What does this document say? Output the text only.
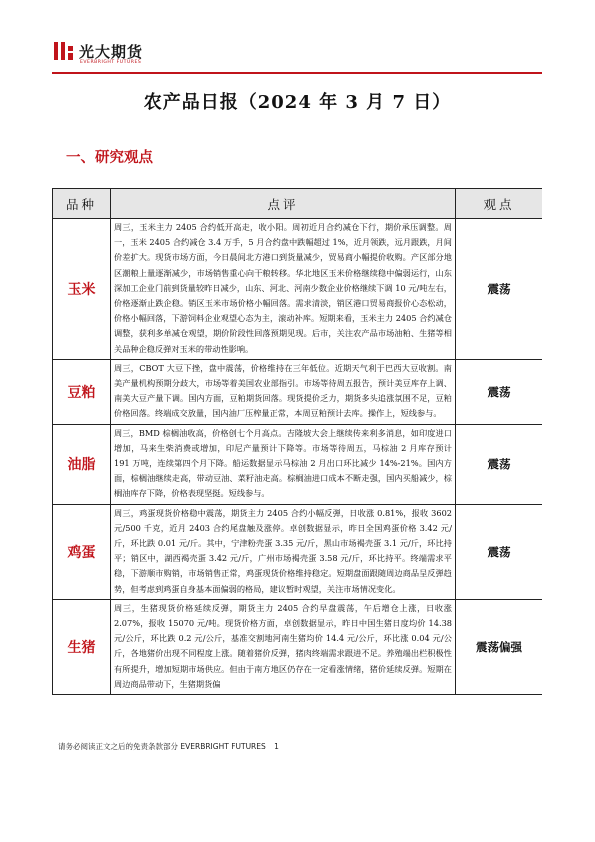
光大期货
EVERBRIGHT FUTURES
农产品日报（2024 年 3 月 7 日）
一、研究观点
品种	点评	观点
玉米	周三，玉米主力 2405 合约低开高走，收小阳。周初近月合约减仓下行，期价承压调整。周一，玉米 2405 合约减仓 3.4 万手，5 月合约盘中跌幅超过 1%，近月领跌，远月跟跌，月间价差扩大。现货市场方面，今日晨间北方港口到货量减少，贸易商小幅提价收购。产区部分地区潮粮上量逐渐减少，市场销售重心向干粮转移。华北地区玉米价格继续稳中偏弱运行，山东深加工企业门前到货量较昨日减少，山东、河北、河南少数企业价格继续下调 10 元/吨左右，价格逐渐止跌企稳。销区玉米市场价格小幅回落。需求清淡，销区港口贸易商报价心态松动，价格小幅回落，下游饲料企业观望心态为主，滚动补库。短期来看，玉米主力 2405 合约减仓调整，获利多单减仓观望，期价阶段性回落预期见现。后市，关注农产品市场油粕、生猪等相关品种企稳反弹对玉米的带动性影响。	震荡
豆粕	周三，CBOT 大豆下挫，盘中震荡，价格维持在三年低位。近期天气利于巴西大豆收割。南美产量机构预期分歧大，市场等着美国农业部指引。市场等待周五报告，预计美豆库存上调、南美大豆产量下调。国内方面，豆粕期货回落。现货提价乏力，期货多头追涨氛围不足，豆粕价格回落。终端成交放量，国内油厂压榨量正常，本周豆粕预计去库。操作上，短线参与。	震荡
油脂	周三，BMD 棕榈油收高，价格创七个月高点。吉隆坡大会上继续传来利多消息，如印度进口增加，马来生柴消费或增加，印尼产量预计下降等。市场等待周五，马棕油 2 月库存预计 191 万吨，连续第四个月下降。船运数据显示马棕油 2 月出口环比减少 14%-21%。国内方面，棕榈油继续走高，带动豆油、菜籽油走高。棕榈油进口成本不断走强，国内买船减少，棕榈油库存下降，价格表现坚挺。短线参与。	震荡
鸡蛋	周三，鸡蛋现货价格稳中震荡，期货主力 2405 合约小幅反弹，日收涨 0.81%，报收 3602 元/500 千克，近月 2403 合约尾盘触及涨停。卓创数据显示，昨日全国鸡蛋价格 3.42 元/斤，环比跌 0.01 元/斤。其中，宁津粉壳蛋 3.35 元/斤，黑山市场褐壳蛋 3.1 元/斤，环比持平；销区中，湖西褐壳蛋 3.42 元/斤，广州市场褐壳蛋 3.58 元/斤，环比持平。终端需求平稳，下游顺市购销，市场销售正常，鸡蛋现货价格维持稳定。短期盘面跟随周边商品呈反弹趋势，但考虑到鸡蛋自身基本面偏弱的格局，建议暂时观望，关注市场情况变化。	震荡
生猪	周三，生猪现货价格延续反弹，期货主力 2405 合约早盘震荡，午后增仓上涨，日收涨 2.07%，报收 15070 元/吨。现货价格方面，卓创数据显示，昨日中国生猪日度均价 14.38 元/公斤，环比跌 0.2 元/公斤，基准交割地河南生猪均价 14.4 元/公斤，环比涨 0.04 元/公斤，各地猪价出现不同程度上涨。随着猪价反弹，猪肉终端需求跟进不足。养殖端出栏积极性有所提升，增加短期市场供应。但由于南方地区仍存在一定看涨情绪，猪价延续反弹。短期在周边商品带动下，生猪期货偏	震荡偏强
请务必阅读正文之后的免责条款部分 EVERBRIGHT FUTURES 1
